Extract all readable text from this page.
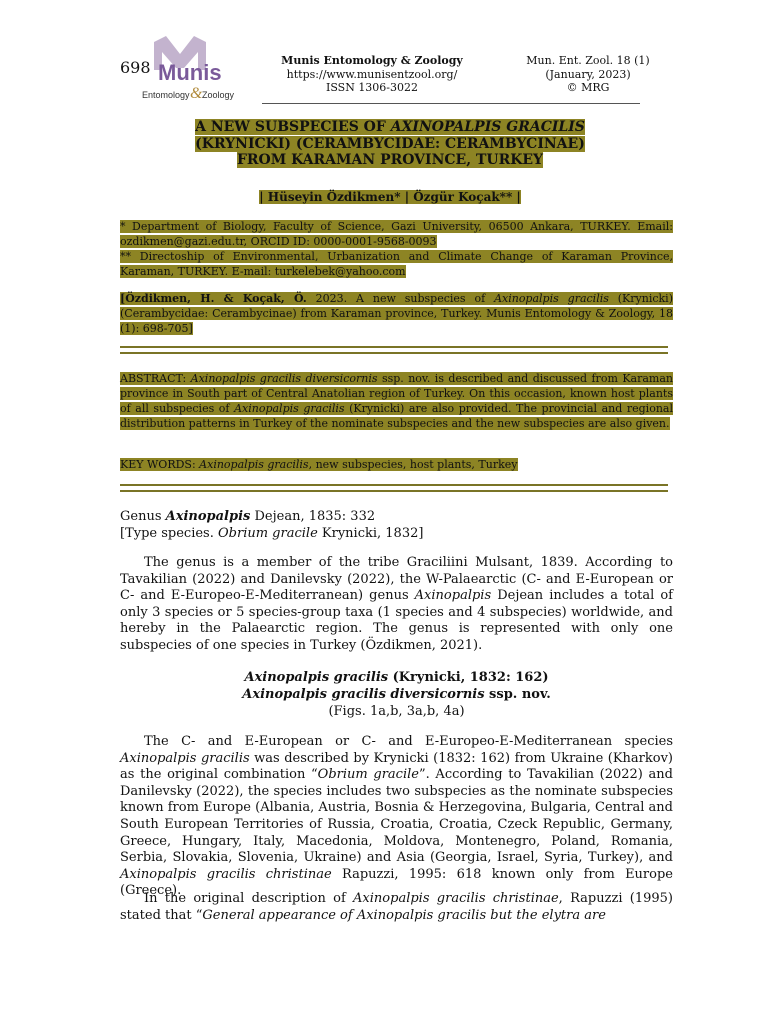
698 Munis
Entomology & Zoology
Munis Entomology & Zoology
https://www.munisentzool.org/
ISSN 1306-3022
Mun. Ent. Zool. 18 (1)
(January, 2023)
© MRG
A NEW SUBSPECIES OF AXINOPALPIS GRACILIS
(KRYNICKI) (CERAMBYCIDAE: CERAMBYCINAE)
FROM KARAMAN PROVINCE, TURKEY
| Hüseyin Özdikmen* | Özgür Koçak** |
* Department of Biology, Faculty of Science, Gazi University, 06500 Ankara, TURKEY. Email: ozdikmen@gazi.edu.tr, ORCID ID: 0000-0001-9568-0093
** Directoship of Environmental, Urbanization and Climate Change of Karaman Province, Karaman, TURKEY. E-mail: turkelebek@yahoo.com
[Özdikmen, H. & Koçak, Ö. 2023. A new subspecies of Axinopalpis gracilis (Krynicki) (Cerambycidae: Cerambycinae) from Karaman province, Turkey. Munis Entomology & Zoology, 18 (1): 698-705]
ABSTRACT: Axinopalpis gracilis diversicornis ssp. nov. is described and discussed from Karaman province in South part of Central Anatolian region of Turkey. On this occasion, known host plants of all subspecies of Axinopalpis gracilis (Krynicki) are also provided. The provincial and regional distribution patterns in Turkey of the nominate subspecies and the new subspecies are also given.
KEY WORDS: Axinopalpis gracilis, new subspecies, host plants, Turkey
Genus Axinopalpis Dejean, 1835: 332
[Type species. Obrium gracile Krynicki, 1832]
The genus is a member of the tribe Graciliini Mulsant, 1839. According to Tavakilian (2022) and Danilevsky (2022), the W-Palaearctic (C- and E-European or C- and E-Europeo-E-Mediterranean) genus Axinopalpis Dejean includes a total of only 3 species or 5 species-group taxa (1 species and 4 subspecies) worldwide, and hereby in the Palaearctic region. The genus is represented with only one subspecies of one species in Turkey (Özdikmen, 2021).
Axinopalpis gracilis (Krynicki, 1832: 162)
Axinopalpis gracilis diversicornis ssp. nov.
(Figs. 1a,b, 3a,b, 4a)
The C- and E-European or C- and E-Europeo-E-Mediterranean species Axinopalpis gracilis was described by Krynicki (1832: 162) from Ukraine (Kharkov) as the original combination “Obrium gracile”. According to Tavakilian (2022) and Danilevsky (2022), the species includes two subspecies as the nominate subspecies known from Europe (Albania, Austria, Bosnia & Herzegovina, Bulgaria, Central and South European Territories of Russia, Croatia, Croatia, Czeck Republic, Germany, Greece, Hungary, Italy, Macedonia, Moldova, Montenegro, Poland, Romania, Serbia, Slovakia, Slovenia, Ukraine) and Asia (Georgia, Israel, Syria, Turkey), and Axinopalpis gracilis christinae Rapuzzi, 1995: 618 known only from Europe (Greece).
In the original description of Axinopalpis gracilis christinae, Rapuzzi (1995) stated that “General appearance of Axinopalpis gracilis but the elytra are
